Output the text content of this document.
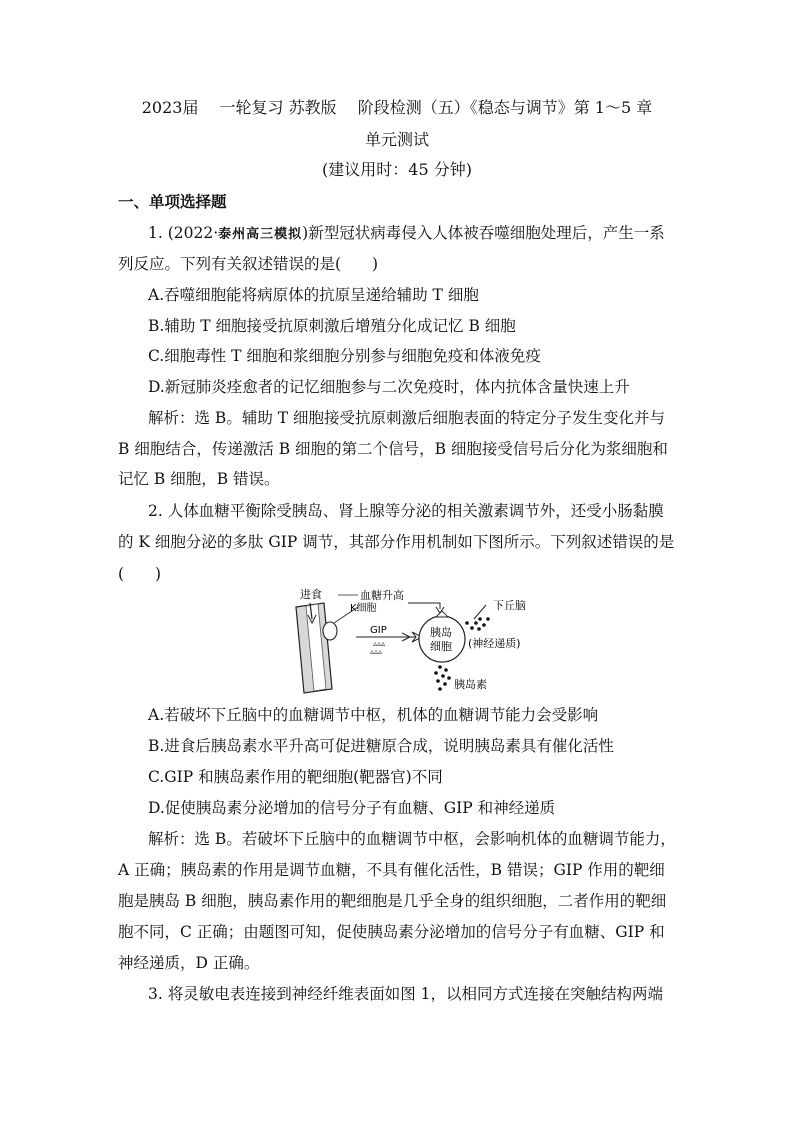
2023届　 一轮复习 苏教版　 阶段检测（五）《稳态与调节》第 1～5 章
单元测试
(建议用时：45 分钟)
一、单项选择题
1. (2022·泰州高三模拟)新型冠状病毒侵入人体被吞噬细胞处理后，产生一系
列反应。下列有关叙述错误的是(　　)
A.吞噬细胞能将病原体的抗原呈递给辅助 T 细胞
B.辅助 T 细胞接受抗原刺激后增殖分化成记忆 B 细胞
C.细胞毒性 T 细胞和浆细胞分别参与细胞免疫和体液免疫
D.新冠肺炎痊愈者的记忆细胞参与二次免疫时，体内抗体含量快速上升
解析：选 B。辅助 T 细胞接受抗原刺激后细胞表面的特定分子发生变化并与
B 细胞结合，传递激活 B 细胞的第二个信号，B 细胞接受信号后分化为浆细胞和
记忆 B 细胞，B 错误。
2. 人体血糖平衡除受胰岛、肾上腺等分泌的相关激素调节外，还受小肠黏膜
的 K 细胞分泌的多肽 GIP 调节，其部分作用机制如下图所示。下列叙述错误的是
(　　)
进食
K细胞
血糖升高
GIP
▵▵▵
▵▵▵
胰岛
细胞
下丘脑
(神经递质)
胰岛素
A.若破坏下丘脑中的血糖调节中枢，机体的血糖调节能力会受影响
B.进食后胰岛素水平升高可促进糖原合成，说明胰岛素具有催化活性
C.GIP 和胰岛素作用的靶细胞(靶器官)不同
D.促使胰岛素分泌增加的信号分子有血糖、GIP 和神经递质
解析：选 B。若破坏下丘脑中的血糖调节中枢，会影响机体的血糖调节能力，
A 正确；胰岛素的作用是调节血糖，不具有催化活性，B 错误；GIP 作用的靶细
胞是胰岛 B 细胞，胰岛素作用的靶细胞是几乎全身的组织细胞，二者作用的靶细
胞不同，C 正确；由题图可知，促使胰岛素分泌增加的信号分子有血糖、GIP 和
神经递质，D 正确。
3. 将灵敏电表连接到神经纤维表面如图 1，以相同方式连接在突触结构两端
